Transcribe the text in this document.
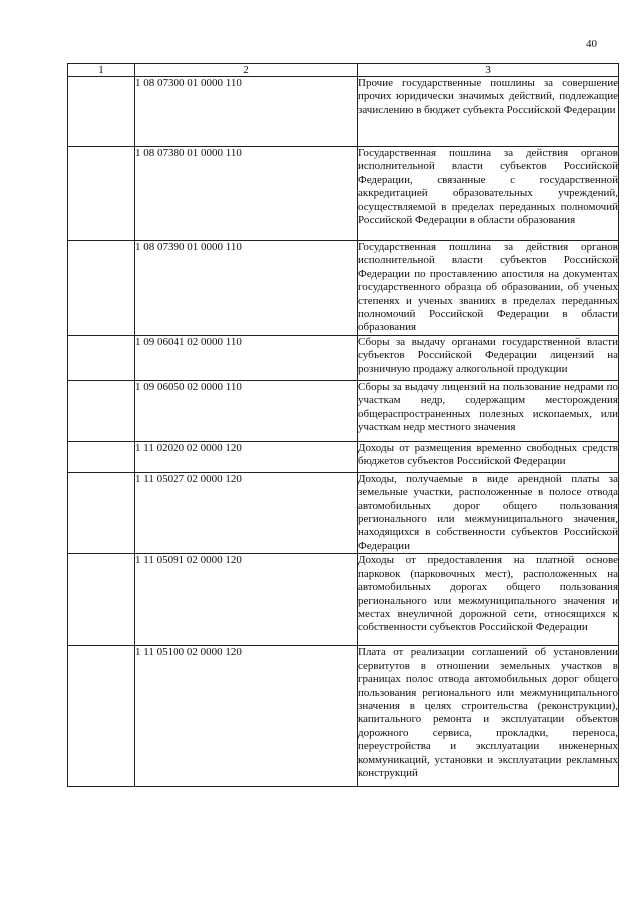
40
1	2	3
	1 08 07300 01 0000 110	Прочие государственные пошлины за совершение прочих юридически значимых действий, подлежащие зачислению в бюджет субъекта Российской Федерации
	1 08 07380 01 0000 110	Государственная пошлина за действия органов исполнительной власти субъектов Российской Федерации, связанные с государственной аккредитацией образовательных учреждений, осуществляемой в пределах переданных полномочий Российской Федерации в области образования
	1 08 07390 01 0000 110	Государственная пошлина за действия органов исполнительной власти субъектов Российской Федерации по проставлению апостиля на документах государственного образца об образовании, об ученых степенях и ученых званиях в пределах переданных полномочий Российской Федерации в области образования
	1 09 06041 02 0000 110	Сборы за выдачу органами государственной власти субъектов Российской Федерации лицензий на розничную продажу алкогольной продукции
	1 09 06050 02 0000 110	Сборы за выдачу лицензий на пользование недрами по участкам недр, содержащим месторождения общераспространенных полезных ископаемых, или участкам недр местного значения
	1 11 02020 02 0000 120	Доходы от размещения временно свободных средств бюджетов субъектов Российской Федерации
	1 11 05027 02 0000 120	Доходы, получаемые в виде арендной платы за земельные участки, расположенные в полосе отвода автомобильных дорог общего пользования регионального или межмуниципального значения, находящихся в собственности субъектов Российской Федерации
	1 11 05091 02 0000 120	Доходы от предоставления на платной основе парковок (парковочных мест), расположенных на автомобильных дорогах общего пользования регионального или межмуниципального значения и местах внеуличной дорожной сети, относящихся к собственности субъектов Российской Федерации
	1 11 05100 02 0000 120	Плата от реализации соглашений об установлении сервитутов в отношении земельных участков в границах полос отвода автомобильных дорог общего пользования регионального или межмуниципального значения в целях строительства (реконструкции), капитального ремонта и эксплуатации объектов дорожного сервиса, прокладки, переноса, переустройства и эксплуатации инженерных коммуникаций, установки и эксплуатации рекламных конструкций
